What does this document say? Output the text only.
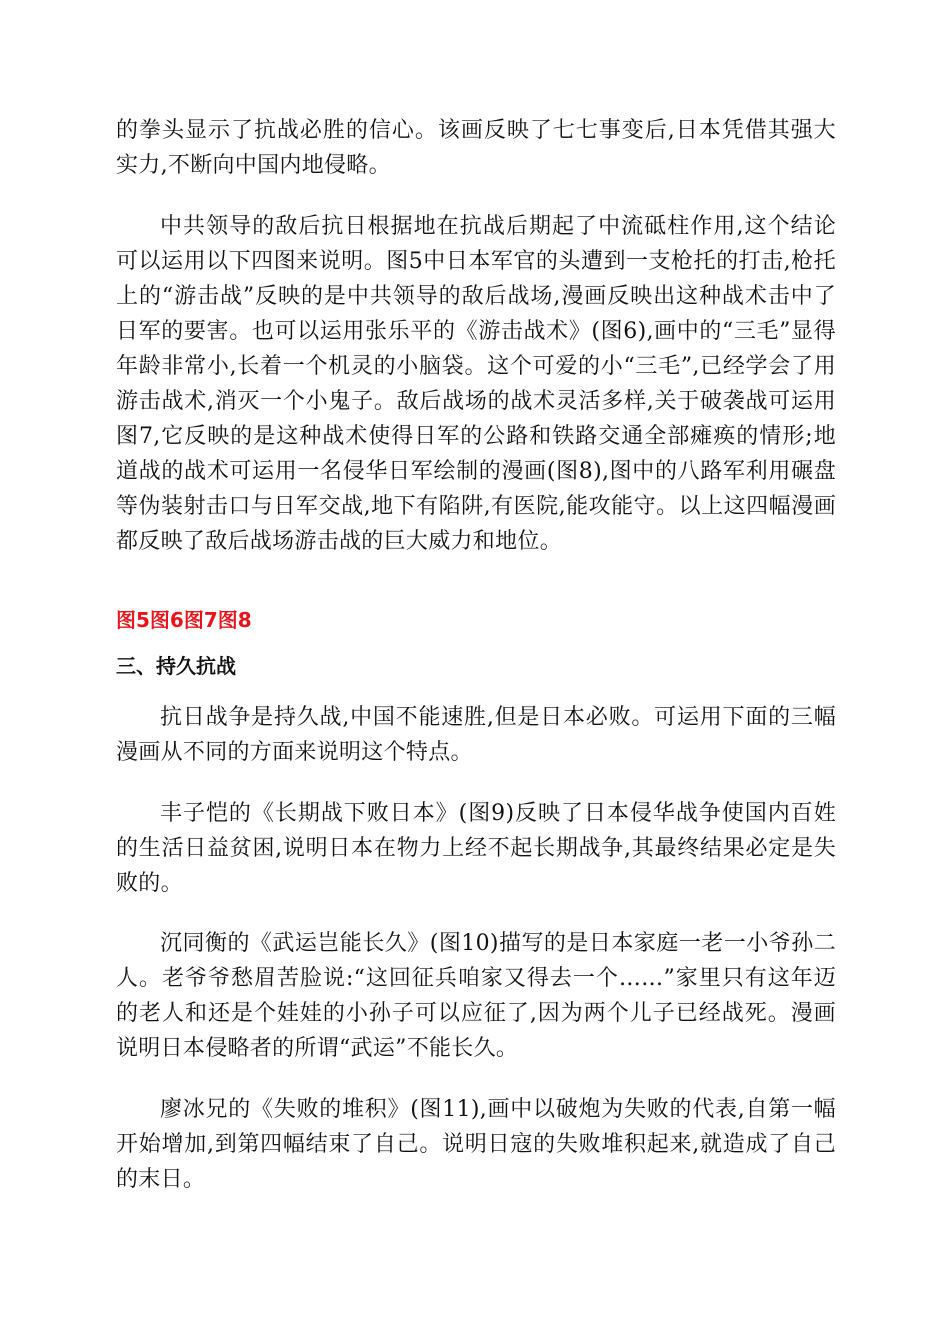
的拳头显示了抗战必胜的信心。该画反映了七七事变后,日本凭借其强大实力,不断向中国内地侵略。

中共领导的敌后抗日根据地在抗战后期起了中流砥柱作用,这个结论可以运用以下四图来说明。图5中日本军官的头遭到一支枪托的打击,枪托上的“游击战”反映的是中共领导的敌后战场,漫画反映出这种战术击中了日军的要害。也可以运用张乐平的《游击战术》(图6),画中的“三毛”显得年龄非常小,长着一个机灵的小脑袋。这个可爱的小“三毛”,已经学会了用游击战术,消灭一个小鬼子。敌后战场的战术灵活多样,关于破袭战可运用图7,它反映的是这种战术使得日军的公路和铁路交通全部瘫痪的情形;地道战的战术可运用一名侵华日军绘制的漫画(图8),图中的八路军利用碾盘等伪装射击口与日军交战,地下有陷阱,有医院,能攻能守。以上这四幅漫画都反映了敌后战场游击战的巨大威力和地位。

图5图6图7图8
三、持久抗战

抗日战争是持久战,中国不能速胜,但是日本必败。可运用下面的三幅漫画从不同的方面来说明这个特点。

丰子恺的《长期战下败日本》(图9)反映了日本侵华战争使国内百姓的生活日益贫困,说明日本在物力上经不起长期战争,其最终结果必定是失败的。

沉同衡的《武运岂能长久》(图10)描写的是日本家庭一老一小爷孙二人。老爷爷愁眉苦脸说:“这回征兵咱家又得去一个……”家里只有这年迈的老人和还是个娃娃的小孙子可以应征了,因为两个儿子已经战死。漫画说明日本侵略者的所谓“武运”不能长久。

廖冰兄的《失败的堆积》(图11),画中以破炮为失败的代表,自第一幅开始增加,到第四幅结束了自己。说明日寇的失败堆积起来,就造成了自己的末日。
